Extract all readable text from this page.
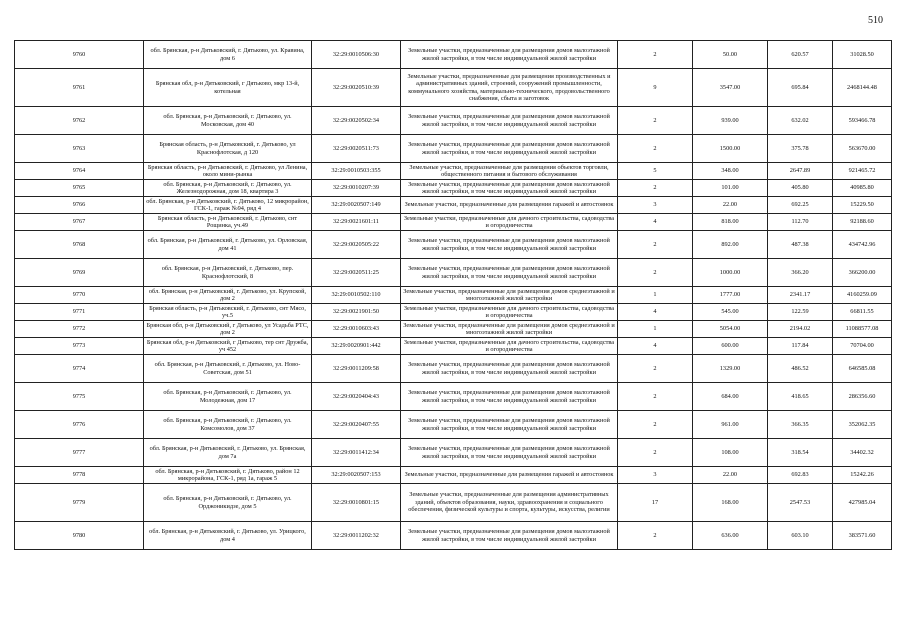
510
9760	обл. Брянская, р-н Дятьковский, г. Дятьково, ул. Кравина, дом 6	32:29:0010506:30	Земельные участки, предназначенные для размещения домов малоэтажной жилой застройки, в том числе индивидуальной жилой застройки	2	50.00	620.57	31028.50
9761	Брянская обл, р-н Дятьковский, г Дятьково, мкр 13-й, котельная	32:29:0020510:39	Земельные участки, предназначенные для размещения производственных и административных зданий, строений, сооружений промышленности, коммунального хозяйства, материально-технического, продовольственного снабжения, сбыта и заготовок	9	3547.00	695.84	2468144.48
9762	обл. Брянская, р-н Дятьковский, г. Дятьково, ул. Московская, дом 40	32:29:0020502:34	Земельные участки, предназначенные для размещения домов малоэтажной жилой застройки, в том числе индивидуальной жилой застройки	2	939.00	632.02	593466.78
9763	Брянская область, р-н Дятьковский, г. Дятьково, ул Краснофлотская, д 120	32:29:0020511:73	Земельные участки, предназначенные для размещения домов малоэтажной жилой застройки, в том числе индивидуальной жилой застройки	2	1500.00	375.78	563670.00
9764	Брянская область, р-н Дятьковский, г. Дятьково, ул Ленина, около мини-рынка	32:29:0010503:355	Земельные участки, предназначенные для размещения объектов торговли, общественного питания и бытового обслуживания	5	348.00	2647.89	921465.72
9765	обл. Брянская, р-н Дятьковский, г. Дятьково, ул. Железнодорожная, дом 18, квартира 3	32:29:0010207:39	Земельные участки, предназначенные для размещения домов малоэтажной жилой застройки, в том числе индивидуальной жилой застройки	2	101.00	405.80	40985.80
9766	обл. Брянская, р-н Дятьковский, г. Дятьково, 12 микрорайон, ГСК-1, гараж №94, ряд 4	32:29:0020507:149	Земельные участки, предназначенные для размещения гаражей и автостоянок	3	22.00	692.25	15229.50
9767	Брянская область, р-н Дятьковский, г. Дятьково, снт Рощинка, уч.49	32:29:0021601:11	Земельные участки, предназначенные для дачного строительства, садоводства и огородничества	4	818.00	112.70	92188.60
9768	обл. Брянская, р-н Дятьковский, г. Дятьково, ул. Орловская, дом 41	32:29:0020505:22	Земельные участки, предназначенные для размещения домов малоэтажной жилой застройки, в том числе индивидуальной жилой застройки	2	892.00	487.38	434742.96
9769	обл. Брянская, р-н Дятьковский, г. Дятьково, пер. Краснофлотский, 8	32:29:0020511:25	Земельные участки, предназначенные для размещения домов малоэтажной жилой застройки, в том числе индивидуальной жилой застройки	2	1000.00	366.20	366200.00
9770	обл. Брянская, р-н Дятьковский, г. Дятьково, ул. Крупской, дом 2	32:29:0010502:110	Земельные участки, предназначенные для размещения домов среднеэтажной и многоэтажной жилой застройки	1	1777.00	2341.17	4160259.09
9771	Брянская область, р-н Дятьковский, г. Дятьково, снт Мясо, уч.5	32:29:0021901:50	Земельные участки, предназначенные для дачного строительства, садоводства и огородничества	4	545.00	122.59	66811.55
9772	Брянская обл, р-н Дятьковский, г Дятьково, ул Усадьба РТС, дом 2	32:29:0010603:43	Земельные участки, предназначенные для размещения домов среднеэтажной и многоэтажной жилой застройки	1	5054.00	2194.02	11088577.08
9773	Брянская обл, р-н Дятьковский, г Дятьково, тер снт Дружба, уч 452	32:29:0020901:442	Земельные участки, предназначенные для дачного строительства, садоводства и огородничества	4	600.00	117.84	70704.00
9774	обл. Брянская, р-н Дятьковский, г. Дятьково, ул. Ново-Советская, дом 51	32:29:0011209:58	Земельные участки, предназначенные для размещения домов малоэтажной жилой застройки, в том числе индивидуальной жилой застройки	2	1329.00	486.52	646585.08
9775	обл. Брянская, р-н Дятьковский, г. Дятьково, ул. Молодежная, дом 17	32:29:0020404:43	Земельные участки, предназначенные для размещения домов малоэтажной жилой застройки, в том числе индивидуальной жилой застройки	2	684.00	418.65	286356.60
9776	обл. Брянская, р-н Дятьковский, г. Дятьково, ул. Комсомолов, дом 37	32:29:0020407:55	Земельные участки, предназначенные для размещения домов малоэтажной жилой застройки, в том числе индивидуальной жилой застройки	2	961.00	366.35	352062.35
9777	обл. Брянская, р-н Дятьковский, г. Дятьково, ул. Брянская, дом 7а	32:29:0011412:34	Земельные участки, предназначенные для размещения домов малоэтажной жилой застройки, в том числе индивидуальной жилой застройки	2	108.00	318.54	34402.32
9778	обл. Брянская, р-н Дятьковский, г. Дятьково, район 12 микрорайона, ГСК-1, ряд 1а, гараж 5	32:29:0020507:153	Земельные участки, предназначенные для размещения гаражей и автостоянок	3	22.00	692.83	15242.26
9779	обл. Брянская, р-н Дятьковский, г. Дятьково, ул. Орджоникидзе, дом 5	32:29:0010801:15	Земельные участки, предназначенные для размещения административных зданий, объектов образования, науки, здравоохранения и социального обеспечения, физической культуры и спорта, культуры, искусства, религии	17	168.00	2547.53	427985.04
9780	обл. Брянская, р-н Дятьковский, г. Дятьково, ул. Урицкого, дом 4	32:29:0011202:32	Земельные участки, предназначенные для размещения домов малоэтажной жилой застройки, в том числе индивидуальной жилой застройки	2	636.00	603.10	383571.60
